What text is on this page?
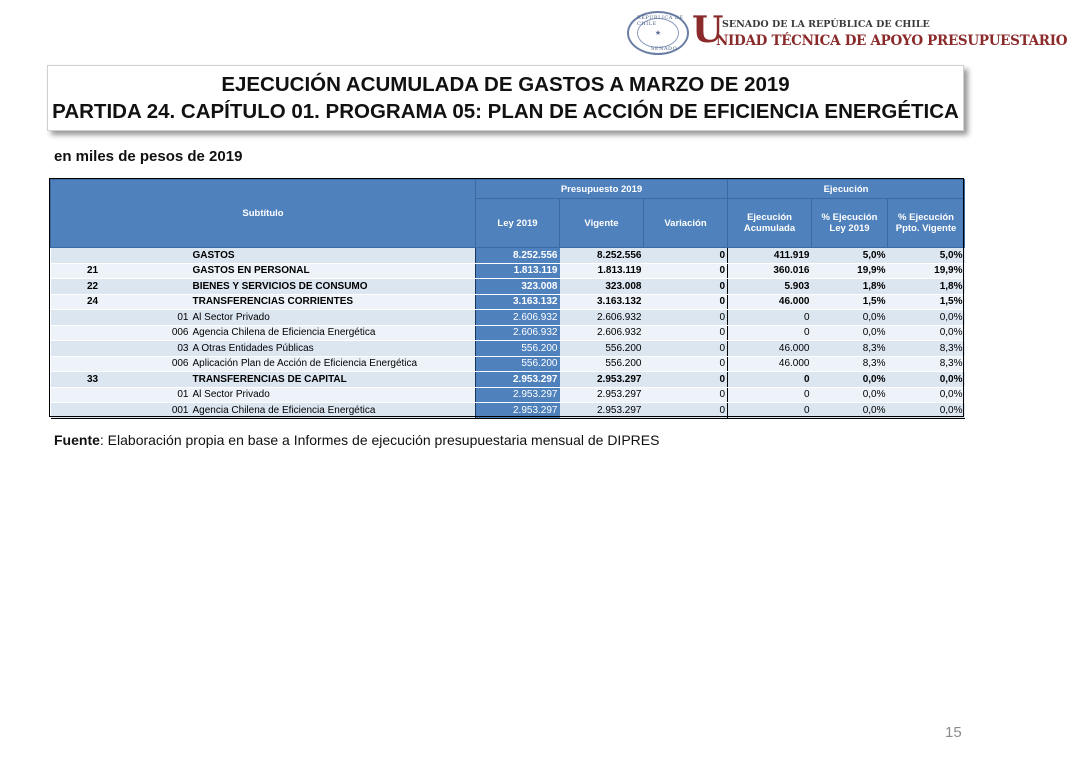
REPÚBLICA DE CHILE
★
SENADO U
SENADO DE LA REPÚBLICA DE CHILE
NIDAD TÉCNICA DE APOYO PRESUPUESTARIO
EJECUCIÓN ACUMULADA DE GASTOS A MARZO DE 2019
PARTIDA 24. CAPÍTULO 01. PROGRAMA 05: PLAN DE ACCIÓN DE EFICIENCIA ENERGÉTICA
en miles de pesos de 2019
Subtítulo			Presupuesto 2019			Ejecución		
			Ley 2019	Vigente	Variación	Ejecución Acumulada	% Ejecución Ley 2019	% Ejecución Ppto. Vigente
		GASTOS	8.252.556	8.252.556	0	411.919	5,0%	5,0%
21		GASTOS EN PERSONAL	1.813.119	1.813.119	0	360.016	19,9%	19,9%
22		BIENES Y SERVICIOS DE CONSUMO	323.008	323.008	0	5.903	1,8%	1,8%
24		TRANSFERENCIAS CORRIENTES	3.163.132	3.163.132	0	46.000	1,5%	1,5%
	01	Al Sector Privado	2.606.932	2.606.932	0	0	0,0%	0,0%
	006	Agencia Chilena de Eficiencia Energética	2.606.932	2.606.932	0	0	0,0%	0,0%
	03	A Otras Entidades Públicas	556.200	556.200	0	46.000	8,3%	8,3%
	006	Aplicación Plan de Acción de Eficiencia Energética	556.200	556.200	0	46.000	8,3%	8,3%
33		TRANSFERENCIAS DE CAPITAL	2.953.297	2.953.297	0	0	0,0%	0,0%
	01	Al Sector Privado	2.953.297	2.953.297	0	0	0,0%	0,0%
	001	Agencia Chilena de Eficiencia Energética	2.953.297	2.953.297	0	0	0,0%	0,0%
Fuente: Elaboración propia en base a Informes de ejecución presupuestaria mensual de DIPRES
15
